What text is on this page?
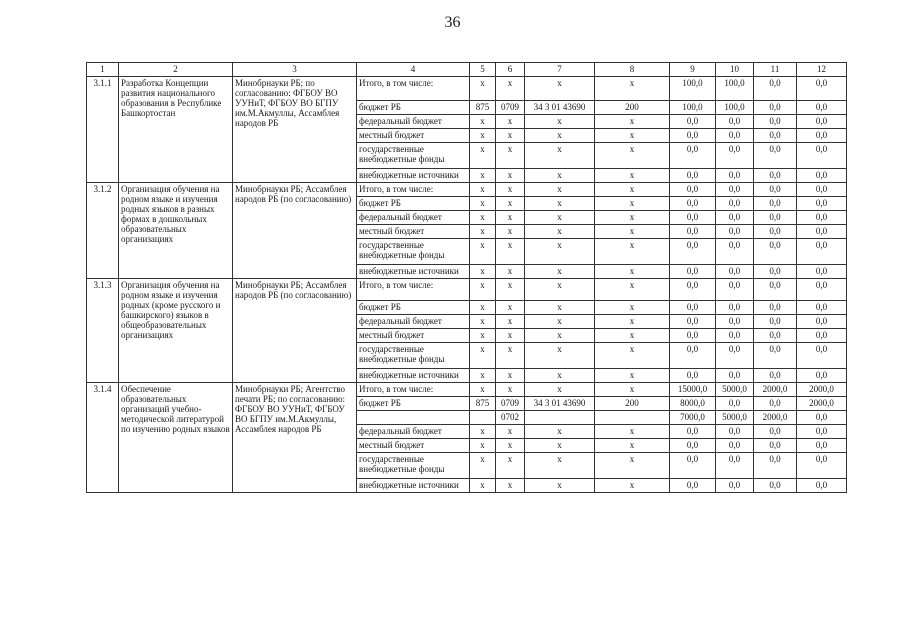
36
1	2	3	4	5	6	7	8	9	10	11	12
3.1.1	Разработка Концепции развития национального образования в Республике Башкортостан	Минобрнауки РБ; по согласованию: ФГБОУ ВО УУНиТ, ФГБОУ ВО БГПУ им.М.Акмуллы, Ассамблея народов РБ	Итого, в том числе:	x	x	x	x	100,0	100,0	0,0	0,0
			бюджет РБ	875	0709	34 3 01 43690	200	100,0	100,0	0,0	0,0
			федеральный бюджет	x	x	x	x	0,0	0,0	0,0	0,0
			местный бюджет	x	x	x	x	0,0	0,0	0,0	0,0
			государственные внебюджетные фонды	x	x	x	x	0,0	0,0	0,0	0,0
			внебюджетные источники	x	x	x	x	0,0	0,0	0,0	0,0
3.1.2	Организация обучения на родном языке и изучения родных языков в разных формах в дошкольных образовательных организациях	Минобрнауки РБ; Ассамблея народов РБ (по согласованию)	Итого, в том числе:	x	x	x	x	0,0	0,0	0,0	0,0
			бюджет РБ	x	x	x	x	0,0	0,0	0,0	0,0
			федеральный бюджет	x	x	x	x	0,0	0,0	0,0	0,0
			местный бюджет	x	x	x	x	0,0	0,0	0,0	0,0
			государственные внебюджетные фонды	x	x	x	x	0,0	0,0	0,0	0,0
			внебюджетные источники	x	x	x	x	0,0	0,0	0,0	0,0
3.1.3	Организация обучения на родном языке и изучения родных (кроме русского и башкирского) языков в общеобразовательных организациях	Минобрнауки РБ; Ассамблея народов РБ (по согласованию)	Итого, в том числе:	x	x	x	x	0,0	0,0	0,0	0,0
			бюджет РБ	x	x	x	x	0,0	0,0	0,0	0,0
			федеральный бюджет	x	x	x	x	0,0	0,0	0,0	0,0
			местный бюджет	x	x	x	x	0,0	0,0	0,0	0,0
			государственные внебюджетные фонды	x	x	x	x	0,0	0,0	0,0	0,0
			внебюджетные источники	x	x	x	x	0,0	0,0	0,0	0,0
3.1.4	Обеспечение образовательных организаций учебно-методической литературой по изучению родных языков	Минобрнауки РБ; Агентство печати РБ; по согласованию: ФГБОУ ВО УУНиТ, ФГБОУ ВО БГПУ им.М.Акмуллы, Ассамблея народов РБ	Итого, в том числе:	x	x	x	x	15000,0	5000,0	2000,0	2000,0
			бюджет РБ	875	0709	34 3 01 43690	200	8000,0	0,0	0,0	2000,0
					0702			7000,0	5000,0	2000,0	0,0
			федеральный бюджет	x	x	x	x	0,0	0,0	0,0	0,0
			местный бюджет	x	x	x	x	0,0	0,0	0,0	0,0
			государственные внебюджетные фонды	x	x	x	x	0,0	0,0	0,0	0,0
			внебюджетные источники	x	x	x	x	0,0	0,0	0,0	0,0
